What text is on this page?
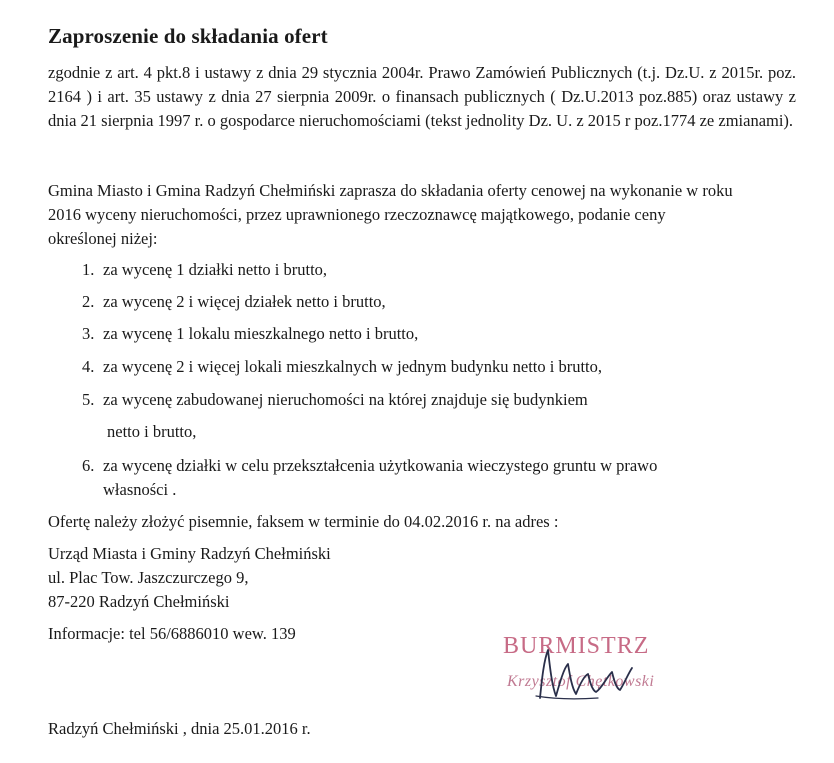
Zaproszenie do składania ofert

zgodnie z art. 4 pkt.8 i ustawy z dnia 29 stycznia 2004r. Prawo Zamówień Publicznych (t.j. Dz.U. z 2015r. poz. 2164 ) i art. 35 ustawy z dnia 27 sierpnia 2009r. o finansach publicznych ( Dz.U.2013 poz.885) oraz ustawy z dnia 21 sierpnia 1997 r. o gospodarce nieruchomościami (tekst jednolity Dz. U. z 2015 r poz.1774 ze zmianami).

Gmina Miasto i Gmina Radzyń Chełmiński zaprasza do składania oferty cenowej na wykonanie w roku 2016 wyceny nieruchomości, przez uprawnionego rzeczoznawcę majątkowego, podanie ceny określonej niżej:

1. za wycenę 1 działki netto i brutto,
2. za wycenę 2 i więcej działek netto i brutto,
3. za wycenę 1 lokalu mieszkalnego netto i brutto,
4. za wycenę 2 i więcej lokali mieszkalnych w jednym budynku netto i brutto,
5. za wycenę zabudowanej nieruchomości na której znajduje się budynkiem
netto i brutto,
6. za wycenę działki w celu przekształcenia użytkowania wieczystego gruntu w prawo
własności .
Ofertę należy złożyć pisemnie, faksem w terminie do 04.02.2016 r. na adres :
Urząd Miasta i Gminy Radzyń Chełmiński
ul. Plac Tow. Jaszczurczego 9,
87-220 Radzyń Chełmiński
Informacje: tel 56/6886010 wew. 139	BURMISTRZ
Krzysztof Chętkowski
Radzyń Chełmiński , dnia 25.01.2016 r.
